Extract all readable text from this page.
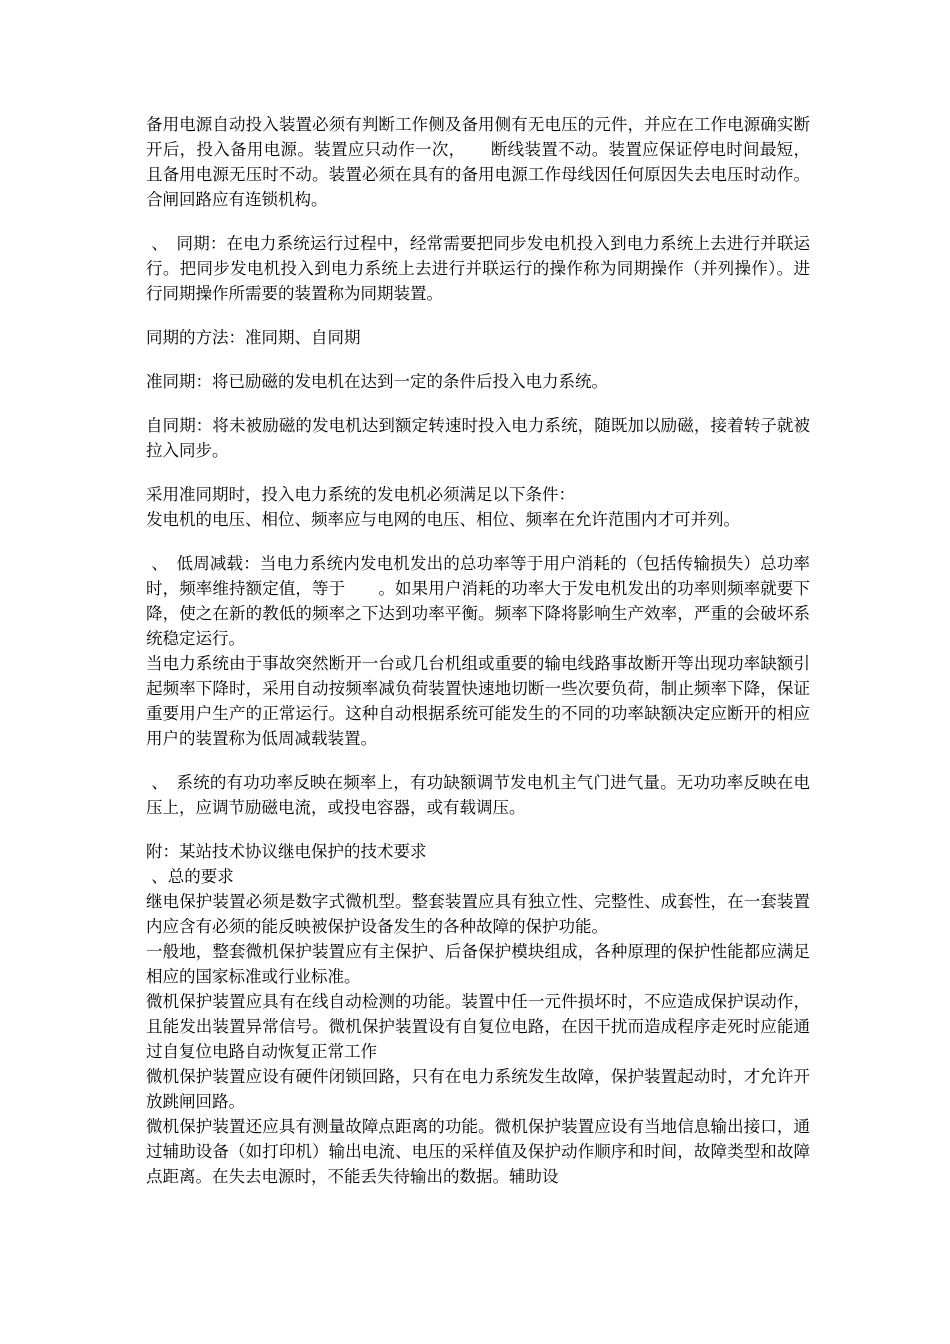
备用电源自动投入装置必须有判断工作侧及备用侧有无电压的元件，并应在工作电源确实断开后，投入备用电源。装置应只动作一次，　　断线装置不动。装置应保证停电时间最短，且备用电源无压时不动。装置必须在具有的备用电源工作母线因任何原因失去电压时动作。合闸回路应有连锁机构。

、　同期：在电力系统运行过程中，经常需要把同步发电机投入到电力系统上去进行并联运行。把同步发电机投入到电力系统上去进行并联运行的操作称为同期操作（并列操作）。进行同期操作所需要的装置称为同期装置。

同期的方法：准同期、自同期

准同期：将已励磁的发电机在达到一定的条件后投入电力系统。

自同期：将未被励磁的发电机达到额定转速时投入电力系统，随既加以励磁，接着转子就被拉入同步。

采用准同期时，投入电力系统的发电机必须满足以下条件：

发电机的电压、相位、频率应与电网的电压、相位、频率在允许范围内才可并列。

、　低周减载：当电力系统内发电机发出的总功率等于用户消耗的（包括传输损失）总功率时，频率维持额定值，等于　　。如果用户消耗的功率大于发电机发出的功率则频率就要下降，使之在新的教低的频率之下达到功率平衡。频率下降将影响生产效率，严重的会破坏系统稳定运行。

当电力系统由于事故突然断开一台或几台机组或重要的输电线路事故断开等出现功率缺额引起频率下降时，采用自动按频率减负荷装置快速地切断一些次要负荷，制止频率下降，保证重要用户生产的正常运行。这种自动根据系统可能发生的不同的功率缺额决定应断开的相应用户的装置称为低周减载装置。

、　系统的有功功率反映在频率上，有功缺额调节发电机主气门进气量。无功功率反映在电压上，应调节励磁电流，或投电容器，或有载调压。

附：某站技术协议继电保护的技术要求

、总的要求

继电保护装置必须是数字式微机型。整套装置应具有独立性、完整性、成套性，在一套装置内应含有必须的能反映被保护设备发生的各种故障的保护功能。

一般地，整套微机保护装置应有主保护、后备保护模块组成，各种原理的保护性能都应满足相应的国家标准或行业标准。

微机保护装置应具有在线自动检测的功能。装置中任一元件损坏时，不应造成保护误动作，且能发出装置异常信号。微机保护装置设有自复位电路，在因干扰而造成程序走死时应能通过自复位电路自动恢复正常工作

微机保护装置应设有硬件闭锁回路，只有在电力系统发生故障，保护装置起动时，才允许开放跳闸回路。

微机保护装置还应具有测量故障点距离的功能。微机保护装置应设有当地信息输出接口，通过辅助设备（如打印机）输出电流、电压的采样值及保护动作顺序和时间，故障类型和故障点距离。在失去电源时，不能丢失待输出的数据。辅助设
